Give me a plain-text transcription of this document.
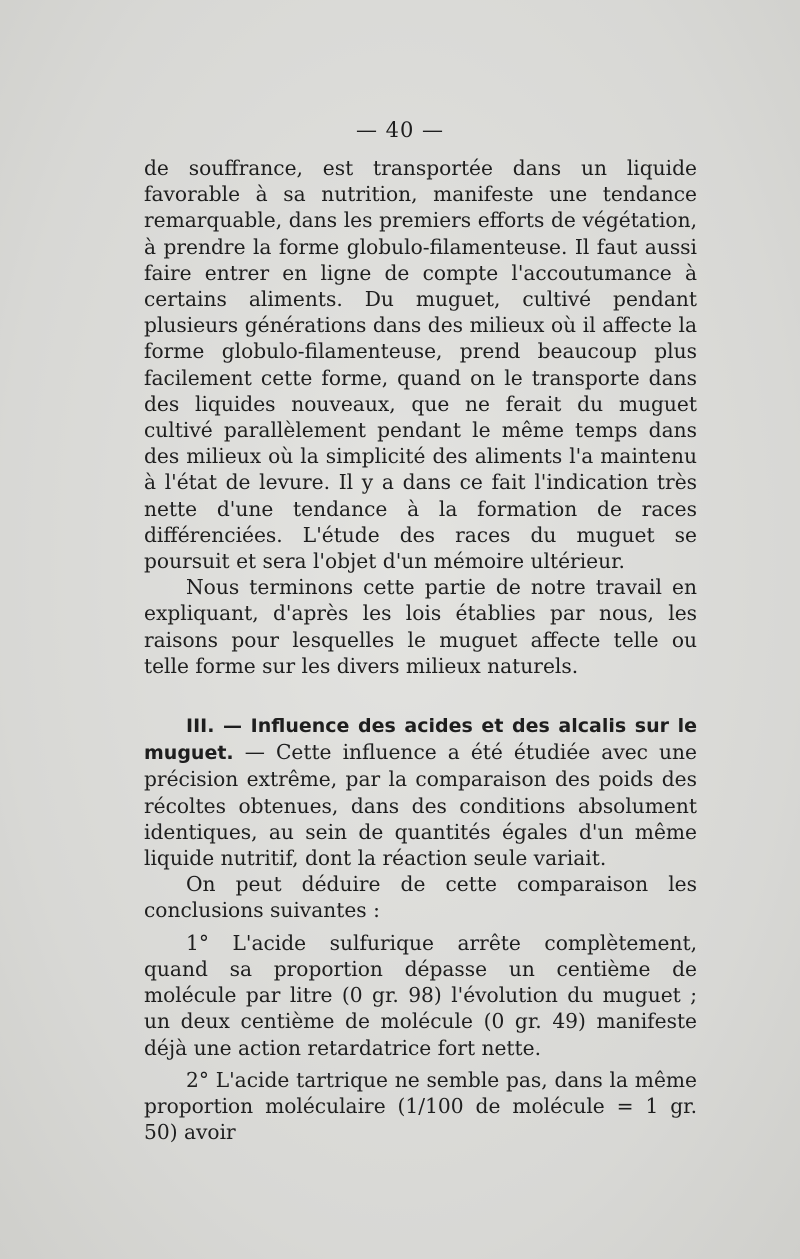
— 40 —

de souffrance, est transportée dans un liquide favorable à sa nutrition, manifeste une tendance remarquable, dans les premiers efforts de végétation, à prendre la forme globulo-filamenteuse. Il faut aussi faire entrer en ligne de compte l'accoutumance à certains aliments. Du muguet, cultivé pendant plusieurs générations dans des milieux où il affecte la forme globulo-filamenteuse, prend beaucoup plus facilement cette forme, quand on le transporte dans des liquides nouveaux, que ne ferait du muguet cultivé parallèlement pendant le même temps dans des milieux où la simplicité des aliments l'a maintenu à l'état de levure. Il y a dans ce fait l'indication très nette d'une tendance à la formation de races différenciées. L'étude des races du muguet se poursuit et sera l'objet d'un mémoire ultérieur.

Nous terminons cette partie de notre travail en expliquant, d'après les lois établies par nous, les raisons pour lesquelles le muguet affecte telle ou telle forme sur les divers milieux naturels.

III. — Influence des acides et des alcalis sur le muguet. — Cette influence a été étudiée avec une précision extrême, par la comparaison des poids des récoltes obtenues, dans des conditions absolument identiques, au sein de quantités égales d'un même liquide nutritif, dont la réaction seule variait.

On peut déduire de cette comparaison les conclusions suivantes :

1° L'acide sulfurique arrête complètement, quand sa proportion dépasse un centième de molécule par litre (0 gr. 98) l'évolution du muguet ; un deux centième de molécule (0 gr. 49) manifeste déjà une action retardatrice fort nette.

2° L'acide tartrique ne semble pas, dans la même proportion moléculaire (1/100 de molécule = 1 gr. 50) avoir
